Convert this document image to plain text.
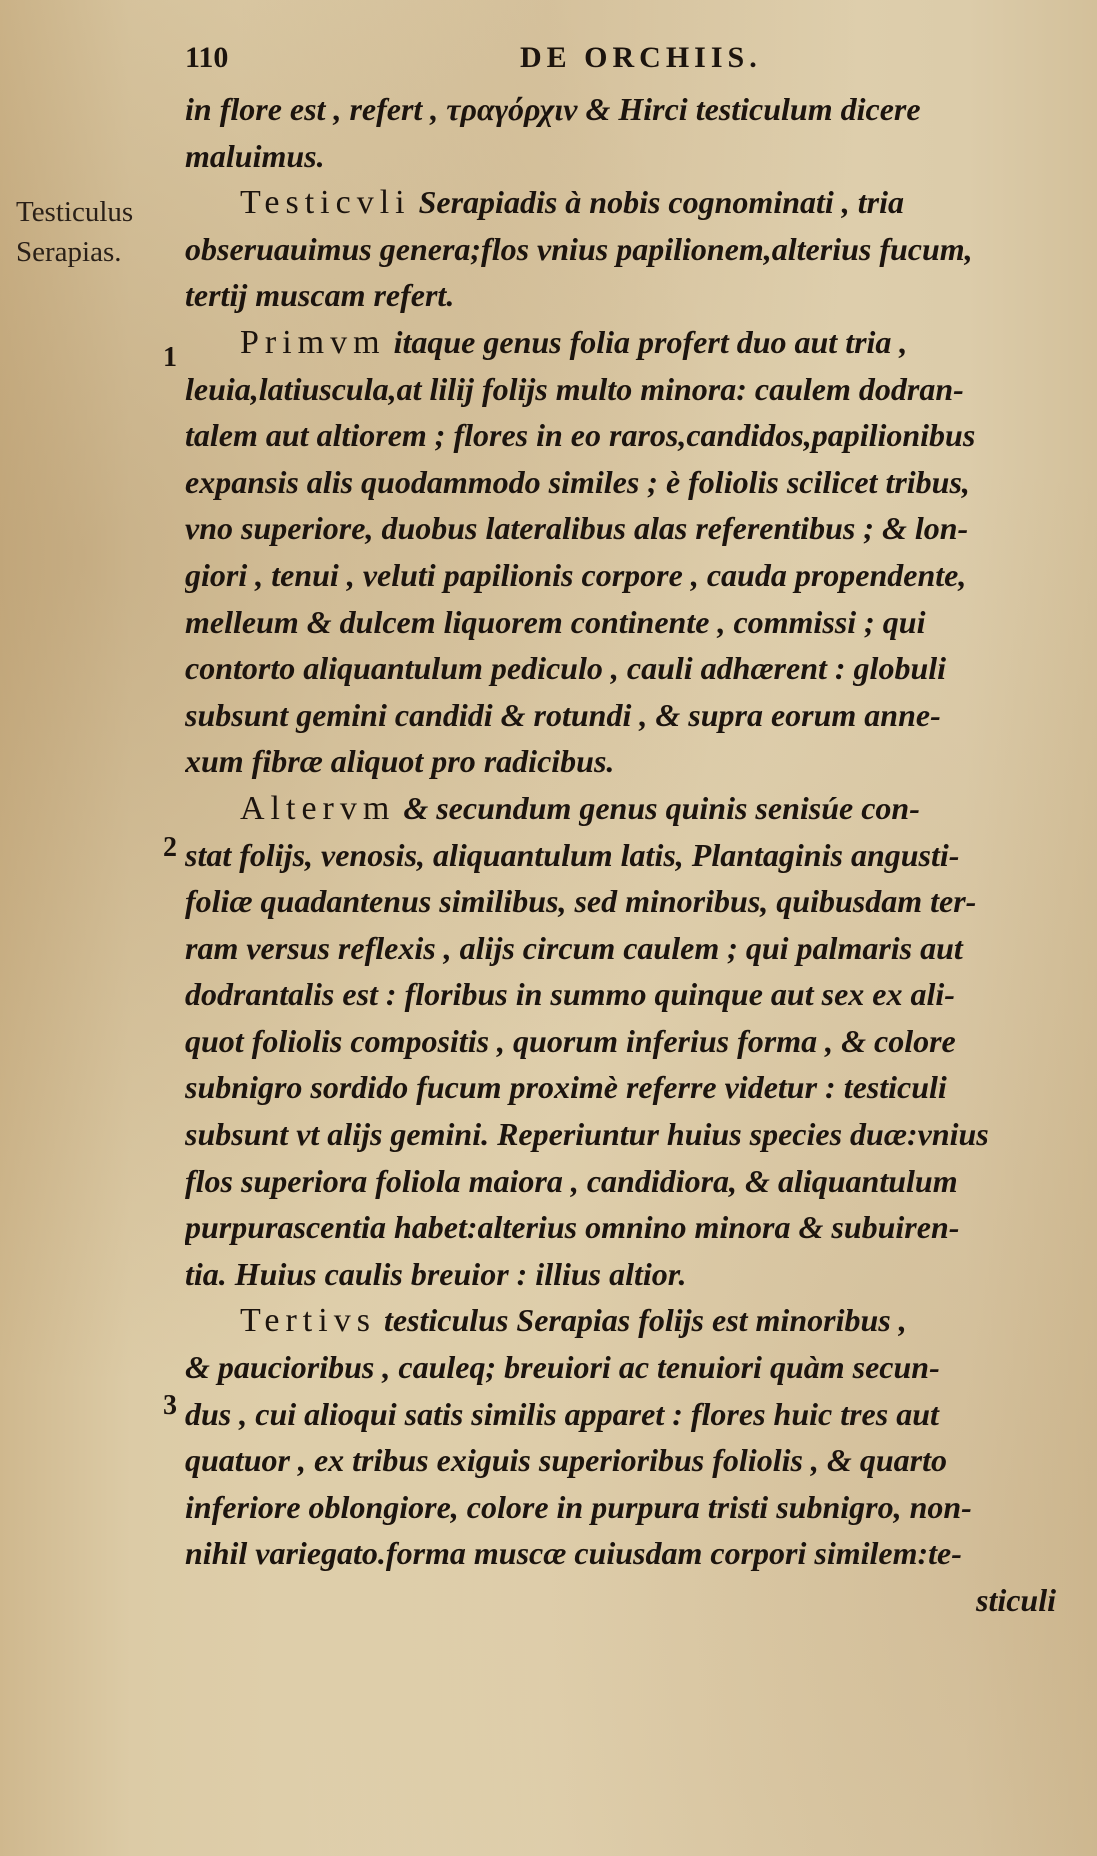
110	DE ORCHIIS.
Testiculus
Serapias.
1
2
3
in flore est , refert , τραγόρχιν & Hirci testiculum dicere
maluimus.
Testicvli Serapiadis à nobis cognominati , tria
obseruauimus genera;flos vnius papilionem,alterius fucum,
tertij muscam refert.
Primvm itaque genus folia profert duo aut tria ,
leuia,latiuscula,at lilij folijs multo minora: caulem dodran-
talem aut altiorem ; flores in eo raros,candidos,papilionibus
expansis alis quodammodo similes ; è foliolis scilicet tribus,
vno superiore, duobus lateralibus alas referentibus ; & lon-
giori , tenui , veluti papilionis corpore , cauda propendente,
melleum & dulcem liquorem continente , commissi ; qui
contorto aliquantulum pediculo , cauli adhærent : globuli
subsunt gemini candidi & rotundi , & supra eorum anne-
xum fibræ aliquot pro radicibus.
Altervm & secundum genus quinis senisúe con-
stat folijs, venosis, aliquantulum latis, Plantaginis angusti-
foliæ quadantenus similibus, sed minoribus, quibusdam ter-
ram versus reflexis , alijs circum caulem ; qui palmaris aut
dodrantalis est : floribus in summo quinque aut sex ex ali-
quot foliolis compositis , quorum inferius forma , & colore
subnigro sordido fucum proximè referre videtur : testiculi
subsunt vt alijs gemini. Reperiuntur huius species duæ:vnius
flos superiora foliola maiora , candidiora, & aliquantulum
purpurascentia habet:alterius omnino minora & subuiren-
tia. Huius caulis breuior : illius altior.
Tertivs testiculus Serapias folijs est minoribus ,
& paucioribus , cauleq; breuiori ac tenuiori quàm secun-
dus , cui alioqui satis similis apparet : flores huic tres aut
quatuor , ex tribus exiguis superioribus foliolis , & quarto
inferiore oblongiore, colore in purpura tristi subnigro, non-
nihil variegato.forma muscæ cuiusdam corpori similem:te-
sticuli
